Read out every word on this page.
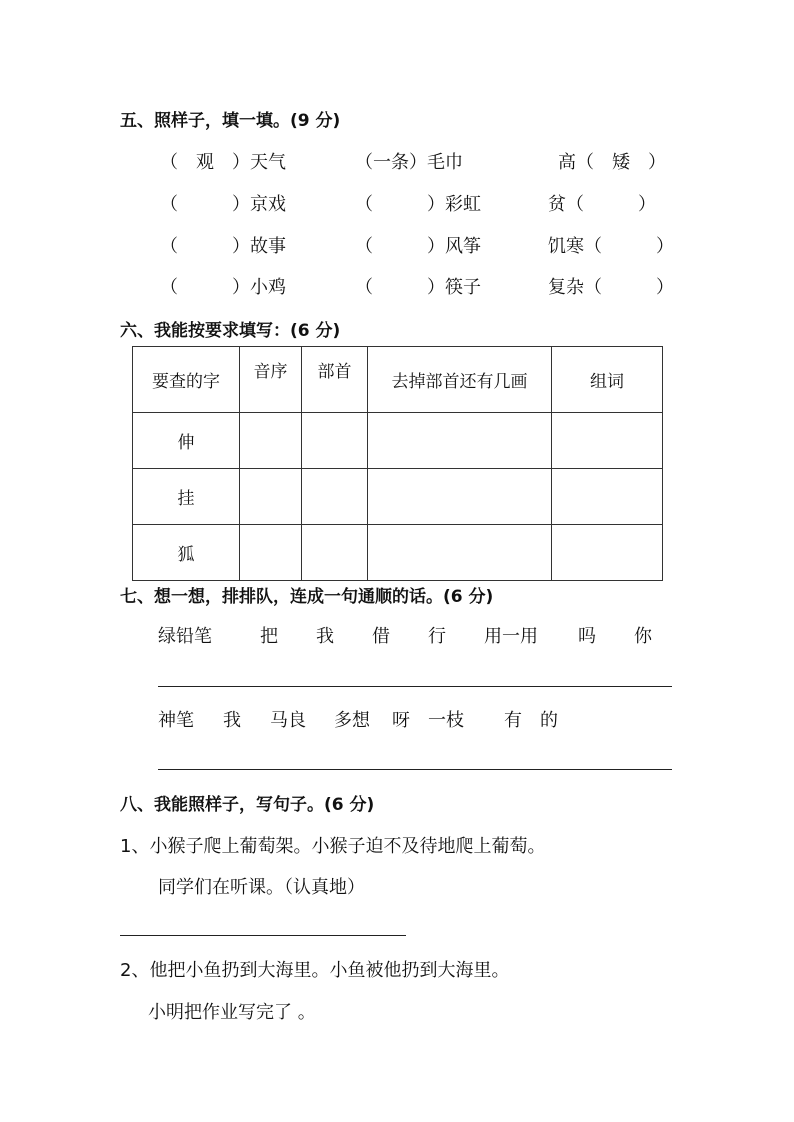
五、照样子，填一填。(9 分)
（　观　）天气	（一条）毛巾	高（　矮　）
（　　　）京戏	（　　　）彩虹	贫（　　　）
（　　　）故事	（　　　）风筝	饥寒（　　　）
（　　　）小鸡	（　　　）筷子	复杂（　　　）
六、我能按要求填写：(6 分)
要查的字	音序	部首	去掉部首还有几画	组词
伸				
挂				
狐				
七、想一想，排排队，连成一句通顺的话。(6 分)
绿铅笔	把 我 借 行 用一用 吗 你
神笔 我 马良 多想 呀 一枝 有 的
八、我能照样子，写句子。(6 分)
1、小猴子爬上葡萄架。小猴子迫不及待地爬上葡萄。
同学们在听课。（认真地）
2、他把小鱼扔到大海里。小鱼被他扔到大海里。
小明把作业写完了 。
